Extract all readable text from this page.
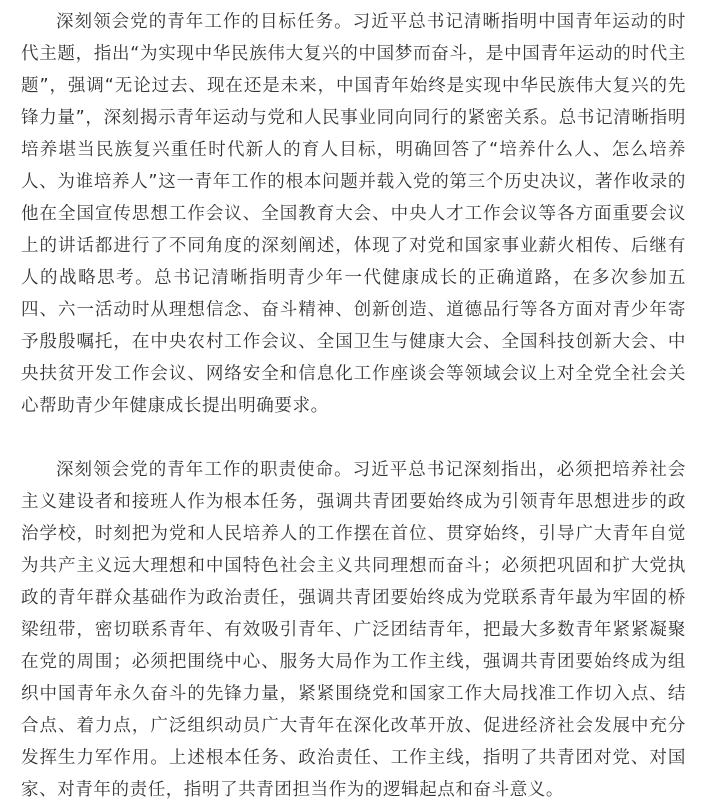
深刻领会党的青年工作的目标任务。习近平总书记清晰指明中国青年运动的时代主题，指出“为实现中华民族伟大复兴的中国梦而奋斗，是中国青年运动的时代主题”，强调“无论过去、现在还是未来，中国青年始终是实现中华民族伟大复兴的先锋力量”，深刻揭示青年运动与党和人民事业同向同行的紧密关系。总书记清晰指明培养堪当民族复兴重任时代新人的育人目标，明确回答了“培养什么人、怎么培养人、为谁培养人”这一青年工作的根本问题并载入党的第三个历史决议，著作收录的他在全国宣传思想工作会议、全国教育大会、中央人才工作会议等各方面重要会议上的讲话都进行了不同角度的深刻阐述，体现了对党和国家事业薪火相传、后继有人的战略思考。总书记清晰指明青少年一代健康成长的正确道路，在多次参加五四、六一活动时从理想信念、奋斗精神、创新创造、道德品行等各方面对青少年寄予殷殷嘱托，在中央农村工作会议、全国卫生与健康大会、全国科技创新大会、中央扶贫开发工作会议、网络安全和信息化工作座谈会等领域会议上对全党全社会关心帮助青少年健康成长提出明确要求。

深刻领会党的青年工作的职责使命。习近平总书记深刻指出，必须把培养社会主义建设者和接班人作为根本任务，强调共青团要始终成为引领青年思想进步的政治学校，时刻把为党和人民培养人的工作摆在首位、贯穿始终，引导广大青年自觉为共产主义远大理想和中国特色社会主义共同理想而奋斗；必须把巩固和扩大党执政的青年群众基础作为政治责任，强调共青团要始终成为党联系青年最为牢固的桥梁纽带，密切联系青年、有效吸引青年、广泛团结青年，把最大多数青年紧紧凝聚在党的周围；必须把围绕中心、服务大局作为工作主线，强调共青团要始终成为组织中国青年永久奋斗的先锋力量，紧紧围绕党和国家工作大局找准工作切入点、结合点、着力点，广泛组织动员广大青年在深化改革开放、促进经济社会发展中充分发挥生力军作用。上述根本任务、政治责任、工作主线，指明了共青团对党、对国家、对青年的责任，指明了共青团担当作为的逻辑起点和奋斗意义。
